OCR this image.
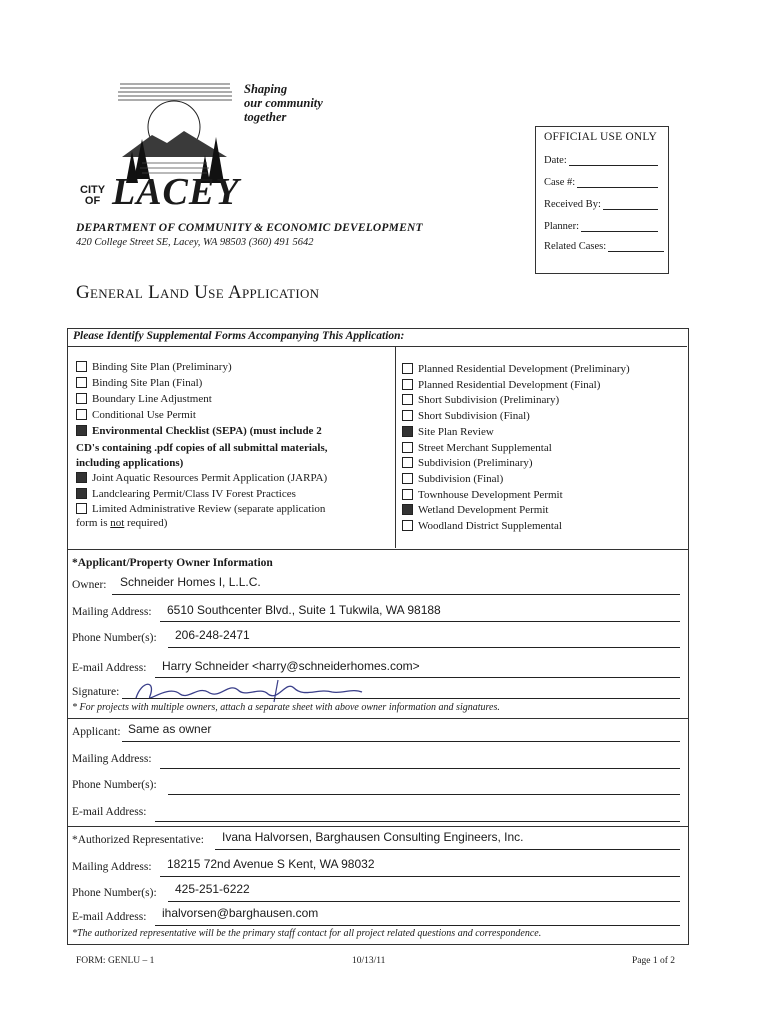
Shaping
our community
together
CITY
OF LACEY
DEPARTMENT OF COMMUNITY & ECONOMIC DEVELOPMENT
420 College Street SE, Lacey, WA 98503 (360) 491 5642
OFFICIAL USE ONLY
Date:
Case #:
Received By:
Planner:
Related Cases:
General Land Use Application
Please Identify Supplemental Forms Accompanying This Application:
Binding Site Plan (Preliminary)
Binding Site Plan (Final)
Boundary Line Adjustment
Conditional Use Permit
Environmental Checklist (SEPA) (must include 2
Joint Aquatic Resources Permit Application (JARPA)
Landclearing Permit/Class IV Forest Practices
Limited Administrative Review (separate application
Planned Residential Development (Preliminary)
Planned Residential Development (Final)
Short Subdivision (Preliminary)
Short Subdivision (Final)
Site Plan Review
Street Merchant Supplemental
Subdivision (Preliminary)
Subdivision (Final)
Townhouse Development Permit
Wetland Development Permit
Woodland District Supplemental
CD's containing .pdf copies of all submittal materials,
including applications)
form is not required)
*Applicant/Property Owner Information
Owner: Schneider Homes I, L.L.C.
Mailing Address: 6510 Southcenter Blvd., Suite 1 Tukwila, WA 98188
Phone Number(s): 206-248-2471
E-mail Address: Harry Schneider <harry@schneiderhomes.com>
Signature:
* For projects with multiple owners, attach a separate sheet with above owner information and signatures.
Applicant: Same as owner
Mailing Address:
Phone Number(s):
E-mail Address:
*Authorized Representative: Ivana Halvorsen, Barghausen Consulting Engineers, Inc.
Mailing Address: 18215 72nd Avenue S Kent, WA 98032
Phone Number(s): 425-251-6222
E-mail Address: ihalvorsen@barghausen.com
*The authorized representative will be the primary staff contact for all project related questions and correspondence.
FORM: GENLU – 1	10/13/11	Page 1 of 2
